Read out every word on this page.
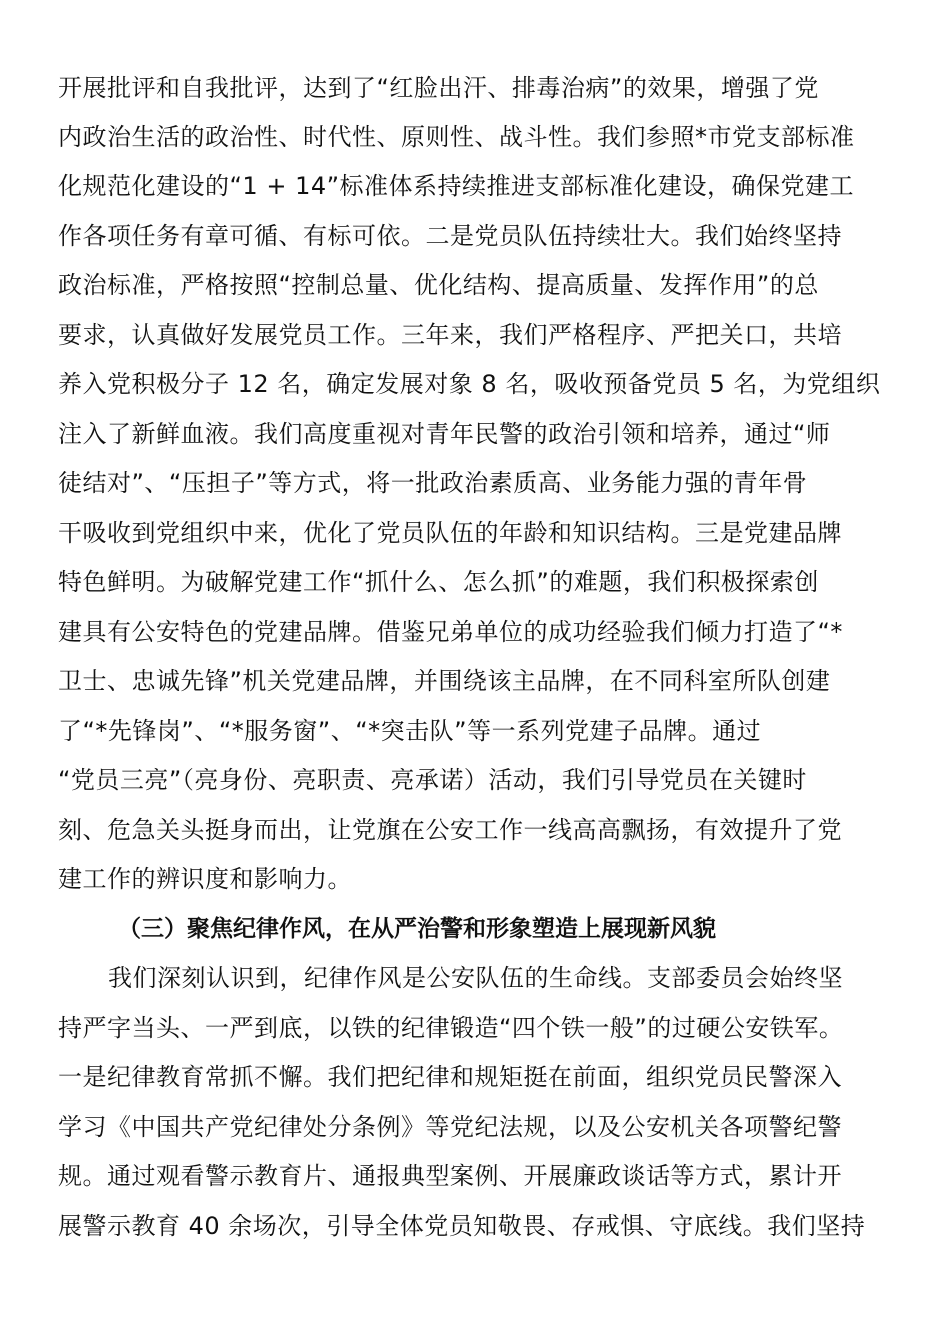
开展批评和自我批评，达到了“红脸出汗、排毒治病”的效果，增强了党
内政治生活的政治性、时代性、原则性、战斗性。我们参照*市党支部标准
化规范化建设的“1 + 14”标准体系持续推进支部标准化建设，确保党建工
作各项任务有章可循、有标可依。二是党员队伍持续壮大。我们始终坚持
政治标准，严格按照“控制总量、优化结构、提高质量、发挥作用”的总
要求，认真做好发展党员工作。三年来，我们严格程序、严把关口，共培
养入党积极分子 12 名，确定发展对象 8 名，吸收预备党员 5 名，为党组织
注入了新鲜血液。我们高度重视对青年民警的政治引领和培养，通过“师
徒结对”、“压担子”等方式，将一批政治素质高、业务能力强的青年骨
干吸收到党组织中来，优化了党员队伍的年龄和知识结构。三是党建品牌
特色鲜明。为破解党建工作“抓什么、怎么抓”的难题，我们积极探索创
建具有公安特色的党建品牌。借鉴兄弟单位的成功经验我们倾力打造了“*
卫士、忠诚先锋”机关党建品牌，并围绕该主品牌，在不同科室所队创建
了“*先锋岗”、“*服务窗”、“*突击队”等一系列党建子品牌。通过
“党员三亮”（亮身份、亮职责、亮承诺）活动，我们引导党员在关键时
刻、危急关头挺身而出，让党旗在公安工作一线高高飘扬，有效提升了党
建工作的辨识度和影响力。
（三）聚焦纪律作风，在从严治警和形象塑造上展现新风貌
我们深刻认识到，纪律作风是公安队伍的生命线。支部委员会始终坚
持严字当头、一严到底，以铁的纪律锻造“四个铁一般”的过硬公安铁军。
一是纪律教育常抓不懈。我们把纪律和规矩挺在前面，组织党员民警深入
学习《中国共产党纪律处分条例》等党纪法规，以及公安机关各项警纪警
规。通过观看警示教育片、通报典型案例、开展廉政谈话等方式，累计开
展警示教育 40 余场次，引导全体党员知敬畏、存戒惧、守底线。我们坚持
